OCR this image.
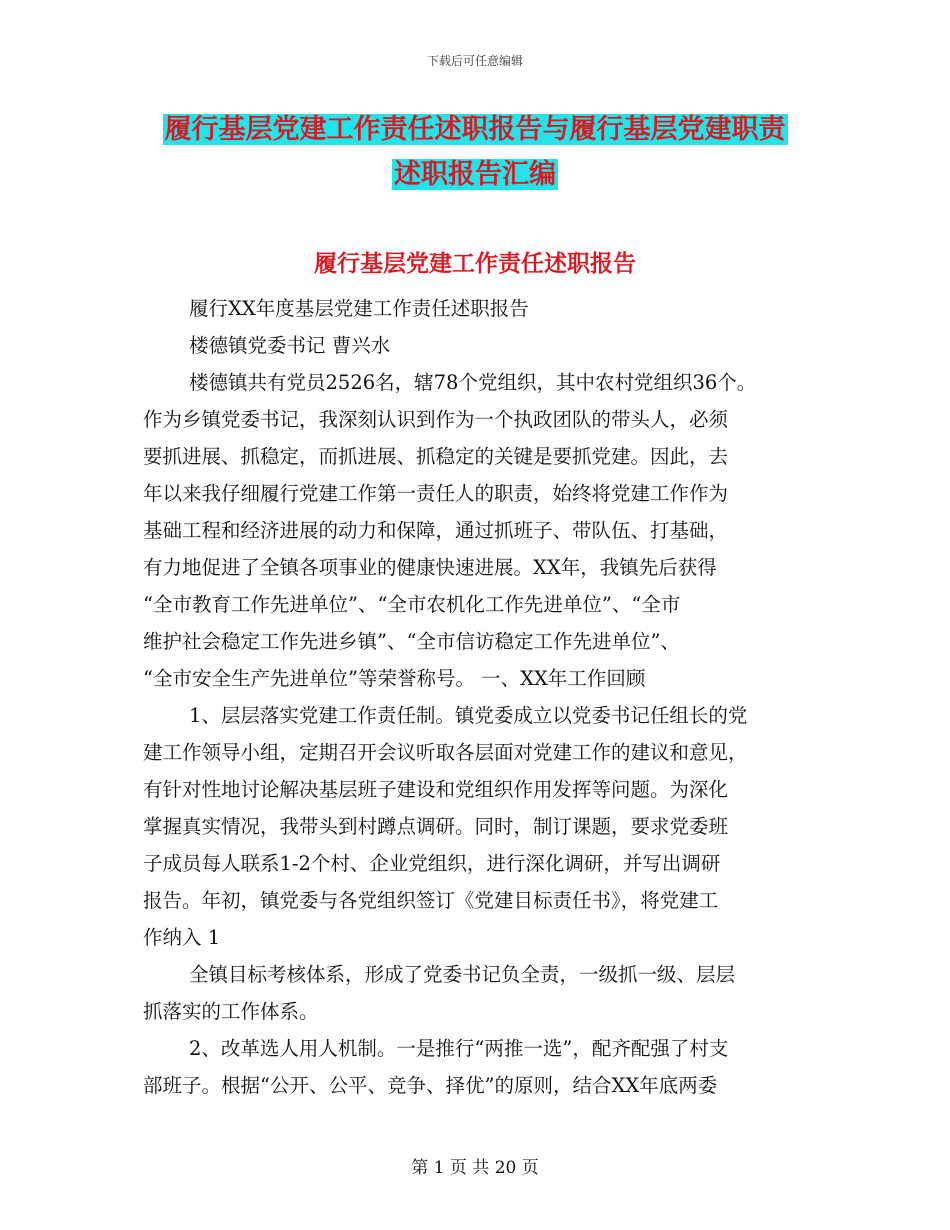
下载后可任意编辑
履行基层党建工作责任述职报告与履行基层党建职责
述职报告汇编
履行基层党建工作责任述职报告
履行XX年度基层党建工作责任述职报告
楼德镇党委书记 曹兴水
楼德镇共有党员2526名，辖78个党组织，其中农村党组织36个。
作为乡镇党委书记，我深刻认识到作为一个执政团队的带头人，必须
要抓进展、抓稳定，而抓进展、抓稳定的关键是要抓党建。因此，去
年以来我仔细履行党建工作第一责任人的职责，始终将党建工作作为
基础工程和经济进展的动力和保障，通过抓班子、带队伍、打基础，
有力地促进了全镇各项事业的健康快速进展。XX年，我镇先后获得
“全市教育工作先进单位”、“全市农机化工作先进单位”、“全市
维护社会稳定工作先进乡镇”、“全市信访稳定工作先进单位”、
“全市安全生产先进单位”等荣誉称号。 一、XX年工作回顾
1、层层落实党建工作责任制。镇党委成立以党委书记任组长的党
建工作领导小组，定期召开会议听取各层面对党建工作的建议和意见，
有针对性地讨论解决基层班子建设和党组织作用发挥等问题。为深化
掌握真实情况，我带头到村蹲点调研。同时，制订课题，要求党委班
子成员每人联系1-2个村、企业党组织，进行深化调研，并写出调研
报告。年初，镇党委与各党组织签订《党建目标责任书》，将党建工
作纳入 1
全镇目标考核体系，形成了党委书记负全责，一级抓一级、层层
抓落实的工作体系。
2、改革选人用人机制。一是推行“两推一选”，配齐配强了村支
部班子。根据“公开、公平、竞争、择优”的原则，结合XX年底两委
第 1 页 共 20 页
